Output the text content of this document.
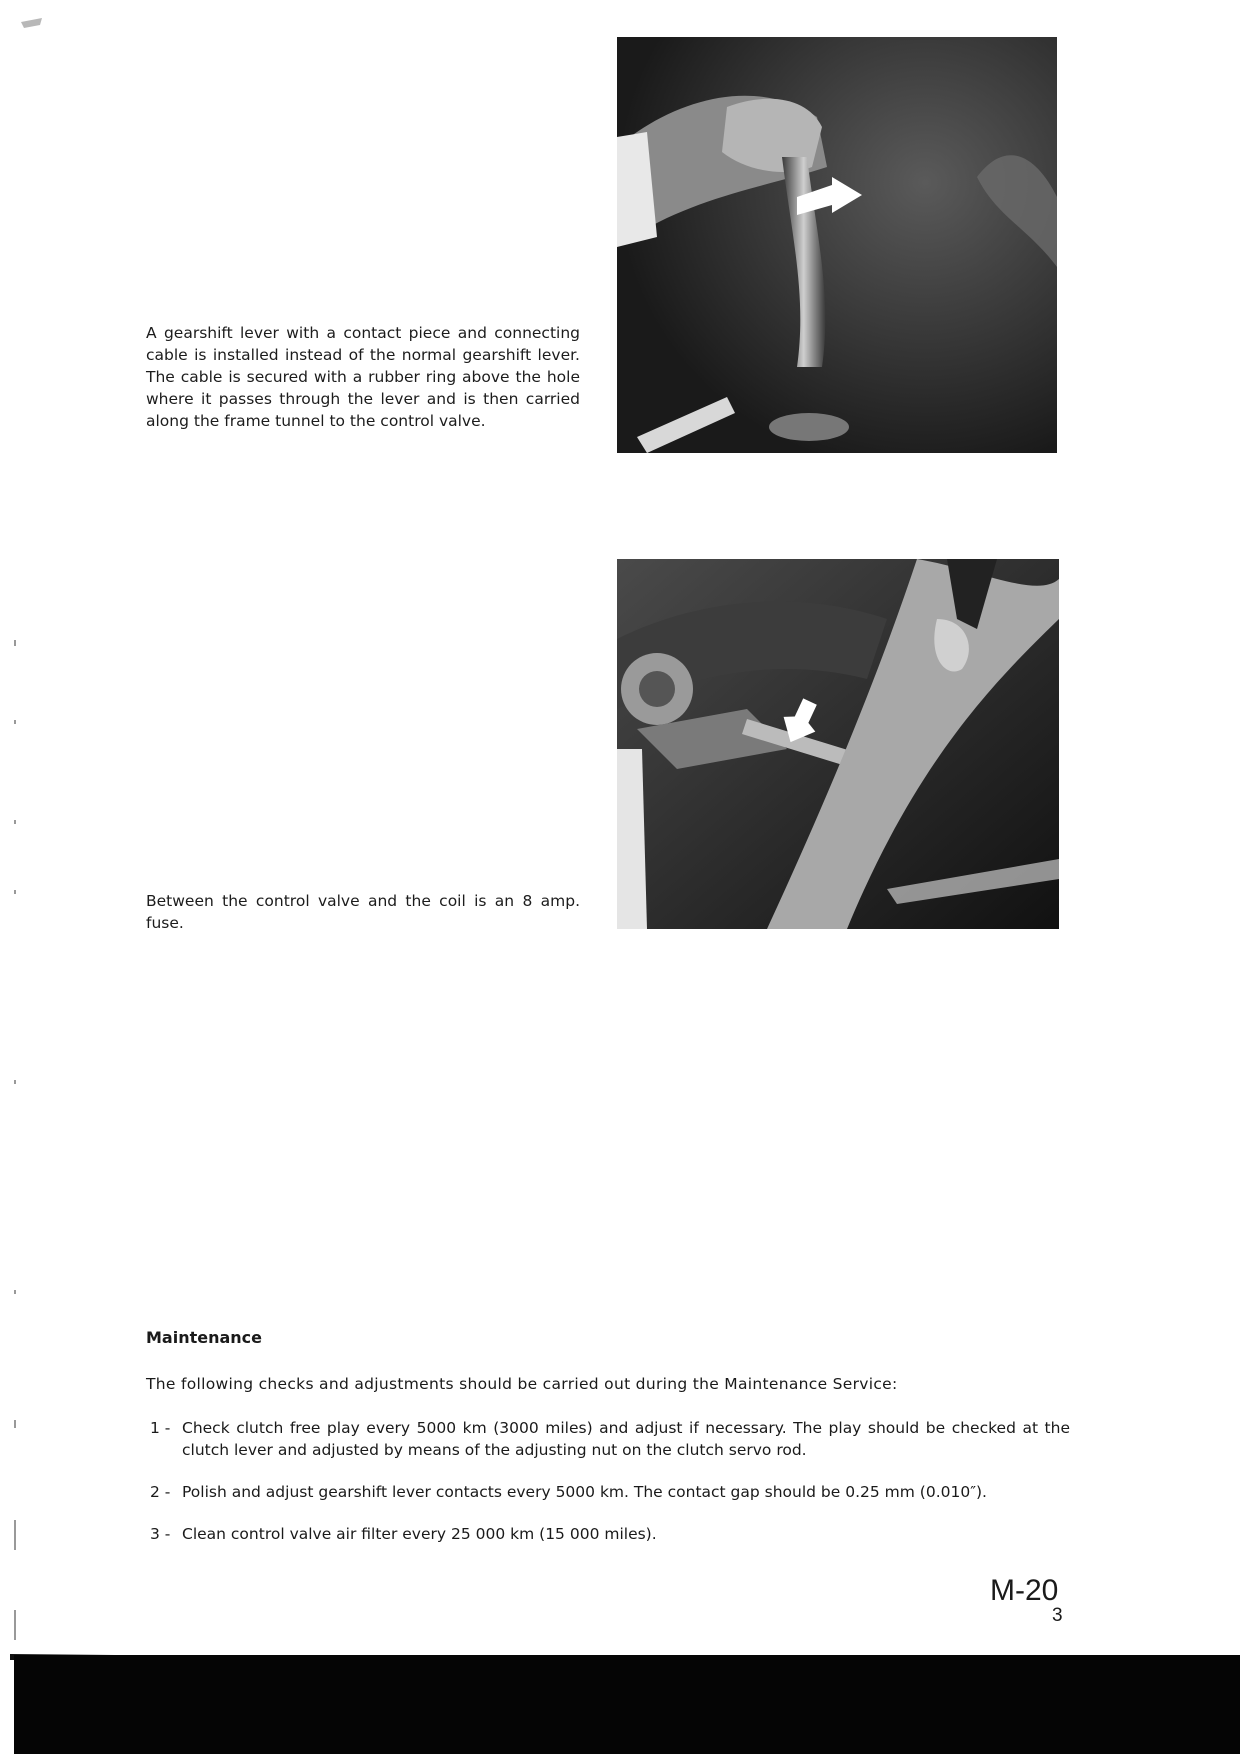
A gearshift lever with a contact piece and connecting cable is installed instead of the normal gearshift lever. The cable is secured with a rubber ring above the hole where it passes through the lever and is then carried along the frame tunnel to the control valve.

Between the control valve and the coil is an 8 amp. fuse.

Maintenance

The following checks and adjustments should be carried out during the Maintenance Service:

1 - Check clutch free play every 5000 km (3000 miles) and adjust if necessary. The play should be checked at the clutch lever and adjusted by means of the adjusting nut on the clutch servo rod.
2 - Polish and adjust gearshift lever contacts every 5000 km. The contact gap should be 0.25 mm (0.010″).
3 - Clean control valve air filter every 25 000 km (15 000 miles).
M-20
3
